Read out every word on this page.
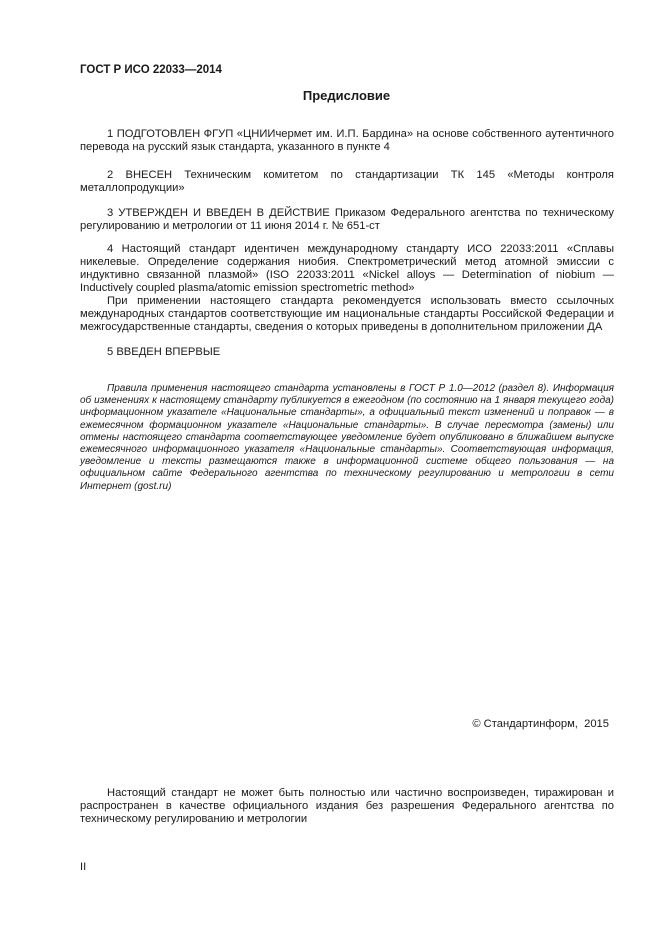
ГОСТ Р ИСО 22033—2014
Предисловие

1 ПОДГОТОВЛЕН ФГУП «ЦНИИчермет им. И.П. Бардина» на основе собственного аутентичного перевода на русский язык стандарта, указанного в пункте 4

2 ВНЕСЕН Техническим комитетом по стандартизации ТК 145 «Методы контроля металлопродукции»

3 УТВЕРЖДЕН И ВВЕДЕН В ДЕЙСТВИЕ Приказом Федерального агентства по техническому регулированию и метрологии от 11 июня 2014 г. № 651-ст

4 Настоящий стандарт идентичен международному стандарту ИСО 22033:2011 «Сплавы никелевые. Определение содержания ниобия. Спектрометрический метод атомной эмиссии с индуктивно связанной плазмой» (ISO 22033:2011 «Nickel alloys — Determination of niobium —Inductively coupled plasma/atomic emission spectrometric method»

При применении настоящего стандарта рекомендуется использовать вместо ссылочных международных стандартов соответствующие им национальные стандарты Российской Федерации и межгосударственные стандарты, сведения о которых приведены в дополнительном приложении ДА

5 ВВЕДЕН ВПЕРВЫЕ

Правила применения настоящего стандарта установлены в ГОСТ Р 1.0—2012 (раздел 8). Информация об изменениях к настоящему стандарту публикуется в ежегодном (по состоянию на 1 января текущего года) информационном указателе «Национальные стандарты», а официальный текст изменений и поправок — в ежемесячном формационном указателе «Национальные стандарты». В случае пересмотра (замены) или отмены настоящего стандарта соответствующее уведомление будет опубликовано в ближайшем выпуске ежемесячного информационного указателя «Национальные стандарты». Соответствующая информация, уведомление и тексты размещаются также в информационной системе общего пользования — на официальном сайте Федерального агентства по техническому регулированию и метрологии в сети Интернет (gost.ru)

© Стандартинформ,  2015

Настоящий стандарт не может быть полностью или частично воспроизведен, тиражирован и распространен в качестве официального издания без разрешения Федерального агентства по техническому регулированию и метрологии

II
